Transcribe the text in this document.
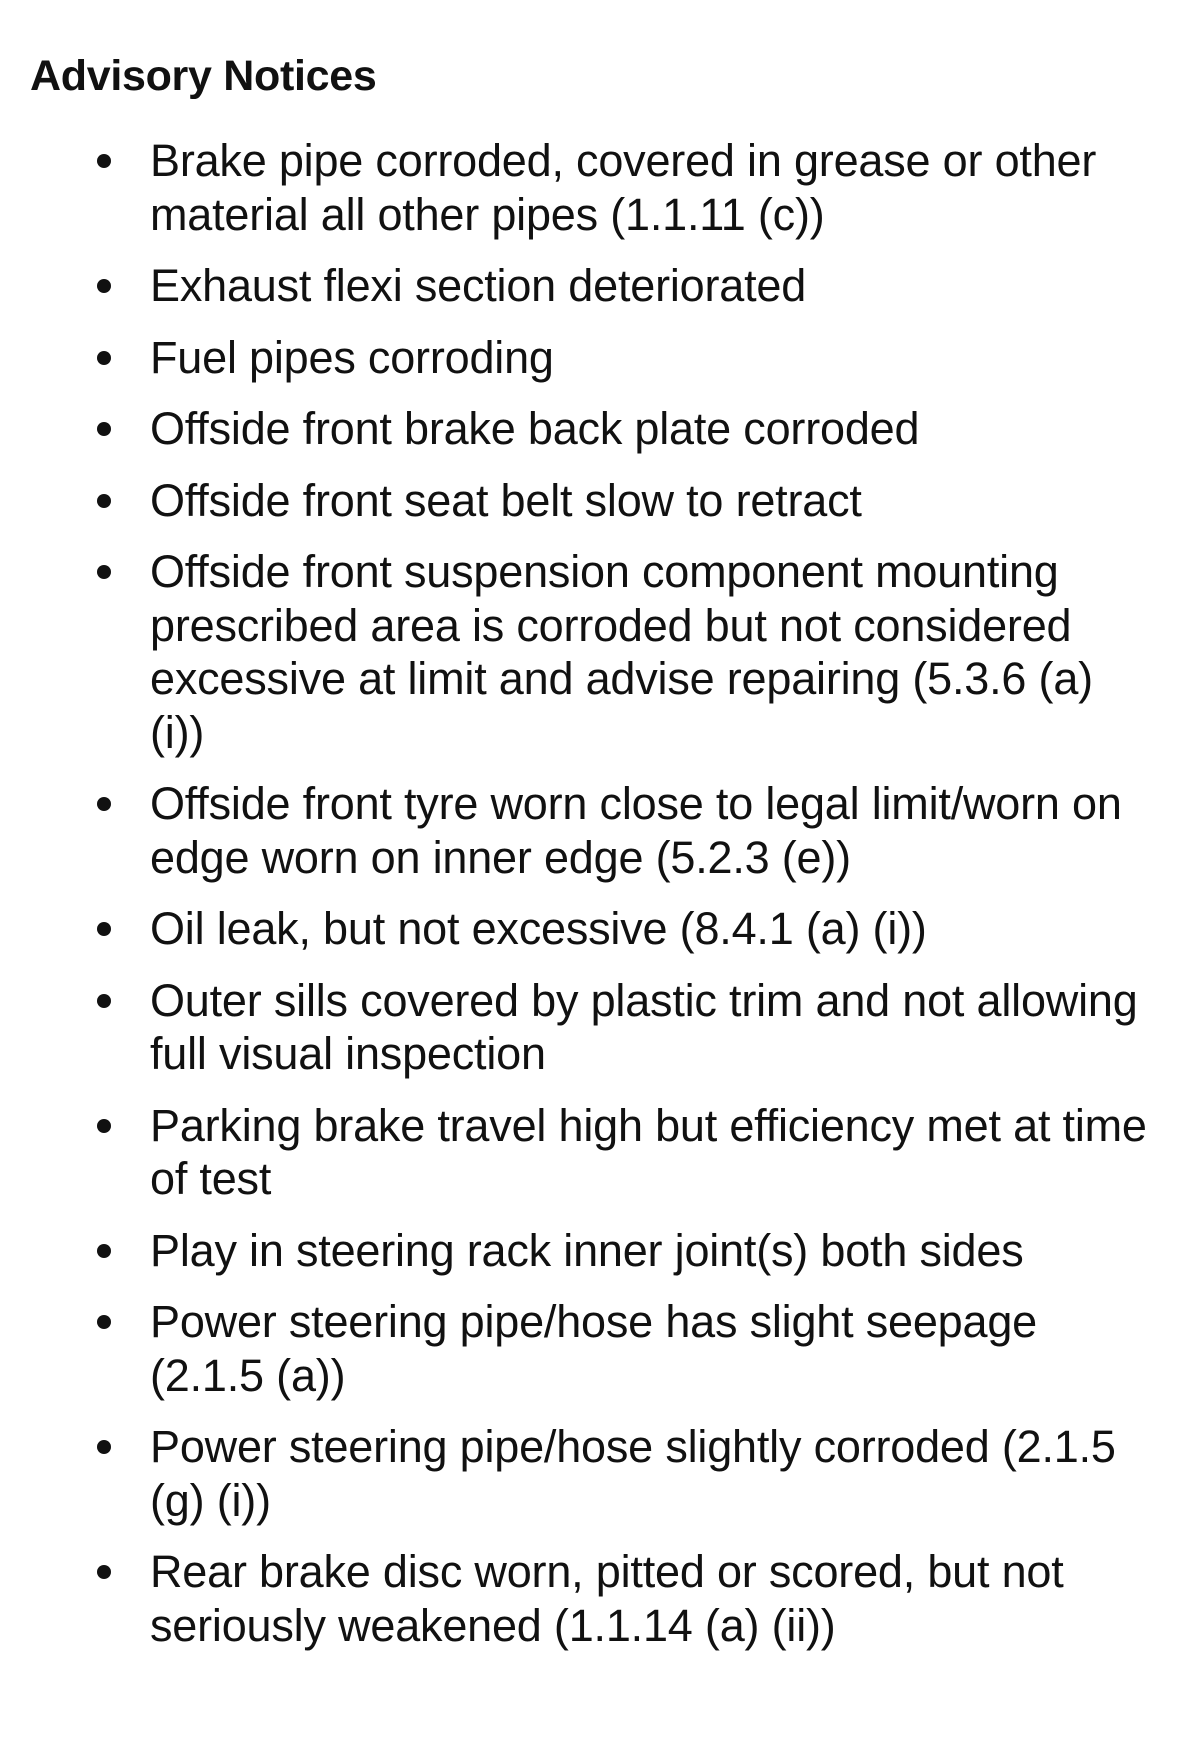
Advisory Notices
Brake pipe corroded, covered in grease or other material all other pipes (1.1.11 (c))
Exhaust flexi section deteriorated
Fuel pipes corroding
Offside front brake back plate corroded
Offside front seat belt slow to retract
Offside front suspension component mounting prescribed area is corroded but not considered excessive at limit and advise repairing (5.3.6 (a) (i))
Offside front tyre worn close to legal limit/worn on edge worn on inner edge (5.2.3 (e))
Oil leak, but not excessive (8.4.1 (a) (i))
Outer sills covered by plastic trim and not allowing full visual inspection
Parking brake travel high but efficiency met at time of test
Play in steering rack inner joint(s) both sides
Power steering pipe/hose has slight seepage (2.1.5 (a))
Power steering pipe/hose slightly corroded (2.1.5 (g) (i))
Rear brake disc worn, pitted or scored, but not seriously weakened (1.1.14 (a) (ii))
